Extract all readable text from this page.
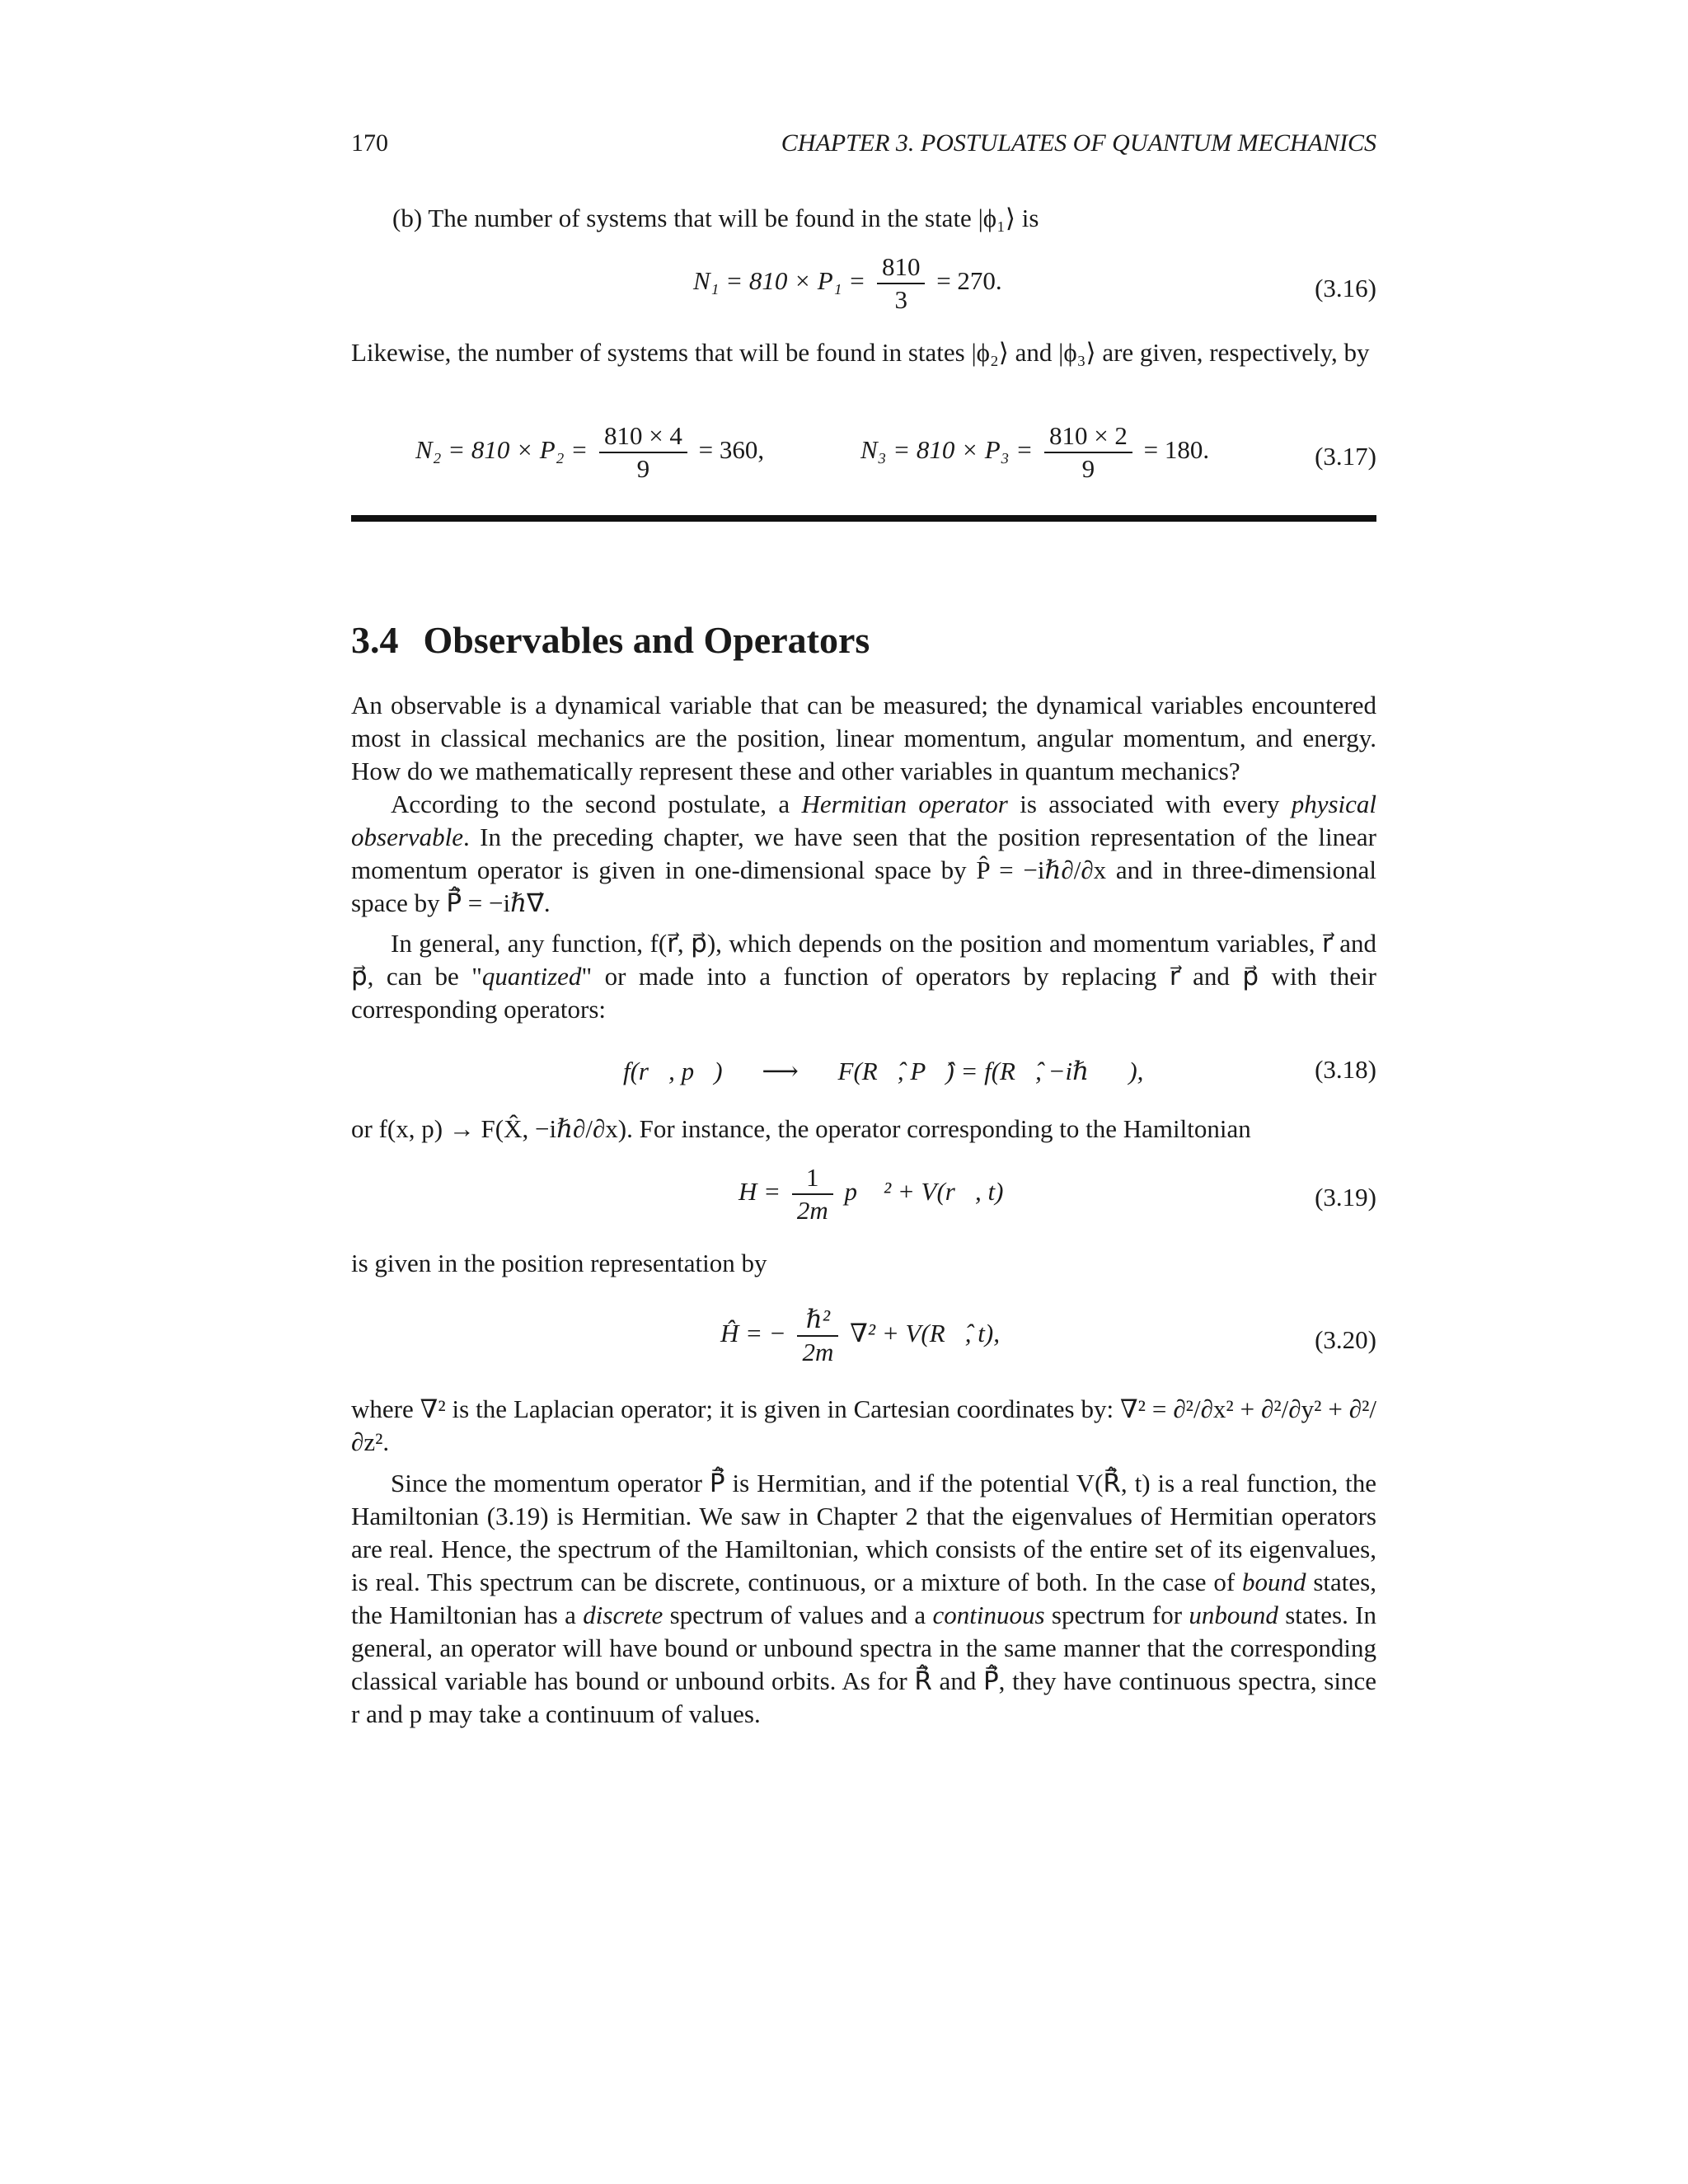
170	CHAPTER 3. POSTULATES OF QUANTUM MECHANICS
(b) The number of systems that will be found in the state |ϕ₁⟩ is
$N_1 = 810 \times P_1 = \frac{810}{3} = 270$.	(3.16)
Likewise, the number of systems that will be found in states |ϕ₂⟩ and |ϕ₃⟩ are given, respectively, by
$N_2 = 810 \times P_2 = \frac{810 \times 4}{9} = 360$,	$N_3 = 810 \times P_3 = \frac{810 \times 2}{9} = 180$.	(3.17)
3.4 Observables and Operators
An observable is a dynamical variable that can be measured; the dynamical variables encountered most in classical mechanics are the position, linear momentum, angular momentum, and energy. How do we mathematically represent these and other variables in quantum mechanics?
According to the second postulate, a Hermitian operator is associated with every physical observable. In the preceding chapter, we have seen that the position representation of the linear momentum operator is given in one-dimensional space by P̂ = −iℏ∂/∂x and in three-dimensional space by P⃗̂ = −iℏ∇⃗.
In general, any function, f(r⃗, p⃗), which depends on the position and momentum variables, r⃗ and p⃗, can be "quantized" or made into a function of operators by replacing r⃗ and p⃗ with their corresponding operators:
f(r⃗, p⃗) ⟶ F(R⃗̂, P⃗̂) = f(R⃗̂, −iℏ∇⃗),	(3.18)
or f(x, p) → F(X̂, −iℏ∂/∂x). For instance, the operator corresponding to the Hamiltonian
$H = \frac{1}{2m}$ p⃗ ² + V(r⃗, t)	(3.19)
is given in the position representation by
Ĥ = − $\frac{\text{ℏ²}}{2m} \nabla^2$ + V(R⃗̂, t),	(3.20)
where ∇² is the Laplacian operator; it is given in Cartesian coordinates by: ∇² = ∂²/∂x² + ∂²/∂y² + ∂²/∂z².
Since the momentum operator P⃗̂ is Hermitian, and if the potential V(R⃗̂, t) is a real function, the Hamiltonian (3.19) is Hermitian. We saw in Chapter 2 that the eigenvalues of Hermitian operators are real. Hence, the spectrum of the Hamiltonian, which consists of the entire set of its eigenvalues, is real. This spectrum can be discrete, continuous, or a mixture of both. In the case of bound states, the Hamiltonian has a discrete spectrum of values and a continuous spectrum for unbound states. In general, an operator will have bound or unbound spectra in the same manner that the corresponding classical variable has bound or unbound orbits. As for R⃗̂ and P⃗̂, they have continuous spectra, since r and p may take a continuum of values.
